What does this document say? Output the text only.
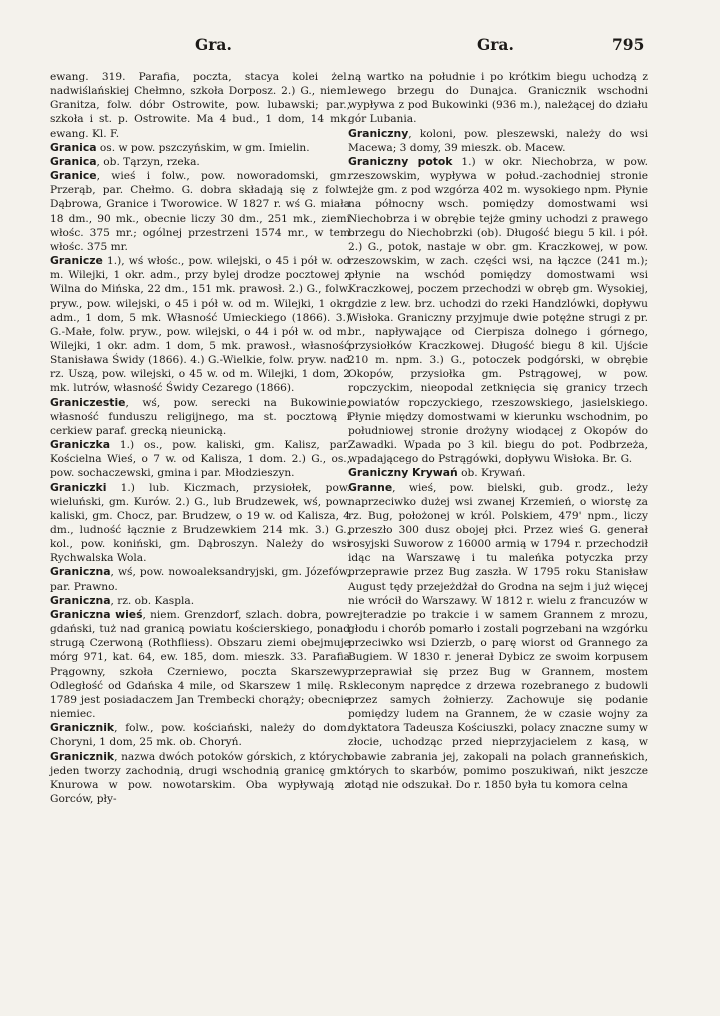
Gra.	Gra.	795

ewang. 319. Parafia, poczta, stacya kolei żel. nadwiślańskiej Chełmno, szkoła Dorposz. 2.) G., niem. Granitza, folw. dóbr Ostrowite, pow. lubawski; par., szkoła i st. p. Ostrowite. Ma 4 bud., 1 dom, 14 mk. ewang. Kl. F.

Granica os. w pow. pszczyńskim, w gm. Imielin.

Granica, ob. Tąrzyn, rzeka.

Granice, wieś i folw., pow. noworadomski, gm. Przerąb, par. Chełmo. G. dobra składają się z folw. Dąbrowa, Granice i Tworowice. W 1827 r. wś G. miała 18 dm., 90 mk., obecnie liczy 30 dm., 251 mk., ziemi włośc. 375 mr.; ogólnej przestrzeni 1574 mr., w tem włośc. 375 mr.

Granicze 1.), wś włośc., pow. wilejski, o 45 i pół w. od m. Wilejki, 1 okr. adm., przy bylej drodze pocztowej z Wilna do Mińska, 22 dm., 151 mk. prawosł. 2.) G., folw. pryw., pow. wilejski, o 45 i pół w. od m. Wilejki, 1 okr. adm., 1 dom, 5 mk. Własność Umieckiego (1866). 3.) G.-Małe, folw. pryw., pow. wilejski, o 44 i pół w. od m. Wilejki, 1 okr. adm. 1 dom, 5 mk. prawosł., własność Stanisława Świdy (1866). 4.) G.-Wielkie, folw. pryw. nad rz. Uszą, pow. wilejski, o 45 w. od m. Wilejki, 1 dom, 2 mk. lutrów, własność Świdy Cezarego (1866).

Graniczestie, wś, pow. serecki na Bukowinie, własność funduszu religijnego, ma st. pocztową i cerkiew paraf. grecką nieunicką.

Graniczka 1.) os., pow. kaliski, gm. Kalisz, par. Kościelna Wieś, o 7 w. od Kalisza, 1 dom. 2.) G., os., pow. sochaczewski, gmina i par. Młodzieszyn.

Graniczki 1.) lub. Kiczmach, przysiołek, pow. wieluński, gm. Kurów. 2.) G., lub Brudzewek, wś, pow. kaliski, gm. Chocz, par. Brudzew, o 19 w. od Kalisza, 4 dm., ludność łącznie z Brudzewkiem 214 mk. 3.) G., kol., pow. koniński, gm. Dąbroszyn. Należy do wsi Rychwalska Wola.

Graniczna, wś, pow. nowoaleksandryjski, gm. Józefów, par. Prawno.

Graniczna, rz. ob. Kaspla.

Graniczna wieś, niem. Grenzdorf, szlach. dobra, pow. gdański, tuż nad granicą powiatu kościerskiego, ponad strugą Czerwoną (Rothfliess). Obszaru ziemi obejmuje mórg 971, kat. 64, ew. 185, dom. mieszk. 33. Parafia Prągowny, szkoła Czerniewo, poczta Skarszewy. Odległość od Gdańska 4 mile, od Skarszew 1 milę. R. 1789 jest posiadaczem Jan Trembecki chorąży; obecnie niemiec.

Granicznik, folw., pow. kościański, należy do dom. Choryni, 1 dom, 25 mk. ob. Choryń.

Granicznik, nazwa dwóch potoków górskich, z których jeden tworzy zachodnią, drugi wschodnią granicę gm. Knurowa w pow. nowotarskim. Oba wypływają z Gorców, pły-

ną wartko na południe i po krótkim biegu uchodzą z lewego brzegu do Dunajca. Granicznik wschodni wypływa z pod Bukowinki (936 m.), należącej do działu gór Lubania.

Graniczny, koloni, pow. pleszewski, należy do wsi Macewa; 3 domy, 39 mieszk. ob. Macew.

Graniczny potok 1.) w okr. Niechobrza, w pow. rzeszowskim, wypływa w połud.-zachodniej stronie tejże gm. z pod wzgórza 402 m. wysokiego npm. Płynie na północny wsch. pomiędzy domostwami wsi Niechobrza i w obrębie tejże gminy uchodzi z prawego brzegu do Niechobrzki (ob). Długość biegu 5 kil. i pół. 2.) G., potok, nastaje w obr. gm. Kraczkowej, w pow. rzeszowskim, w zach. części wsi, na łączce (241 m.); płynie na wschód pomiędzy domostwami wsi Kraczkowej, poczem przechodzi w obręb gm. Wysokiej, gdzie z lew. brz. uchodzi do rzeki Handzlówki, dopływu Wisłoka. Graniczny przyjmuje dwie potężne strugi z pr. br., napływające od Cierpisza dolnego i górnego, przysiołków Kraczkowej. Długość biegu 8 kil. Ujście 210 m. npm. 3.) G., potoczek podgórski, w obrębie Okopów, przysiołka gm. Pstrągowej, w pow. ropczyckim, nieopodal zetknięcia się granicy trzech powiatów ropczyckiego, rzeszowskiego, jasielskiego. Płynie między domostwami w kierunku wschodnim, po południowej stronie drożyny wiodącej z Okopów do Zawadki. Wpada po 3 kil. biegu do pot. Podbrzeża, wpadającego do Pstrągówki, dopływu Wisłoka. Br. G.

Graniczny Krywań ob. Krywań.

Granne, wieś, pow. bielski, gub. grodz., leży naprzeciwko dużej wsi zwanej Krzemień, o wiorstę za rz. Bug, położonej w król. Polskiem, 479' npm., liczy przeszło 300 dusz obojej płci. Przez wieś G. generał rosyjski Suworow z 16000 armią w 1794 r. przechodził idąc na Warszawę i tu maleńka potyczka przy przeprawie przez Bug zaszła. W 1795 roku Stanisław August tędy przejeżdżał do Grodna na sejm i już więcej nie wrócił do Warszawy. W 1812 r. wielu z francuzów w rejteradzie po trakcie i w samem Grannem z mrozu, głodu i chorób pomarło i zostali pogrzebani na wzgórku przeciwko wsi Dzierzb, o parę wiorst od Grannego za Bugiem. W 1830 r. jenerał Dybicz ze swoim korpusem przeprawiał się przez Bug w Grannem, mostem skleconym naprędce z drzewa rozebranego z budowli przez samych żołnierzy. Zachowuje się podanie pomiędzy ludem na Grannem, że w czasie wojny za dyktatora Tadeusza Kościuszki, polacy znaczne sumy w złocie, uchodząc przed nieprzyjacielem z kasą, w obawie zabrania jej, zakopali na polach granneńskich, których to skarbów, pomimo poszukiwań, nikt jeszcze dotąd nie odszukał. Do r. 1850 była tu komora celna
